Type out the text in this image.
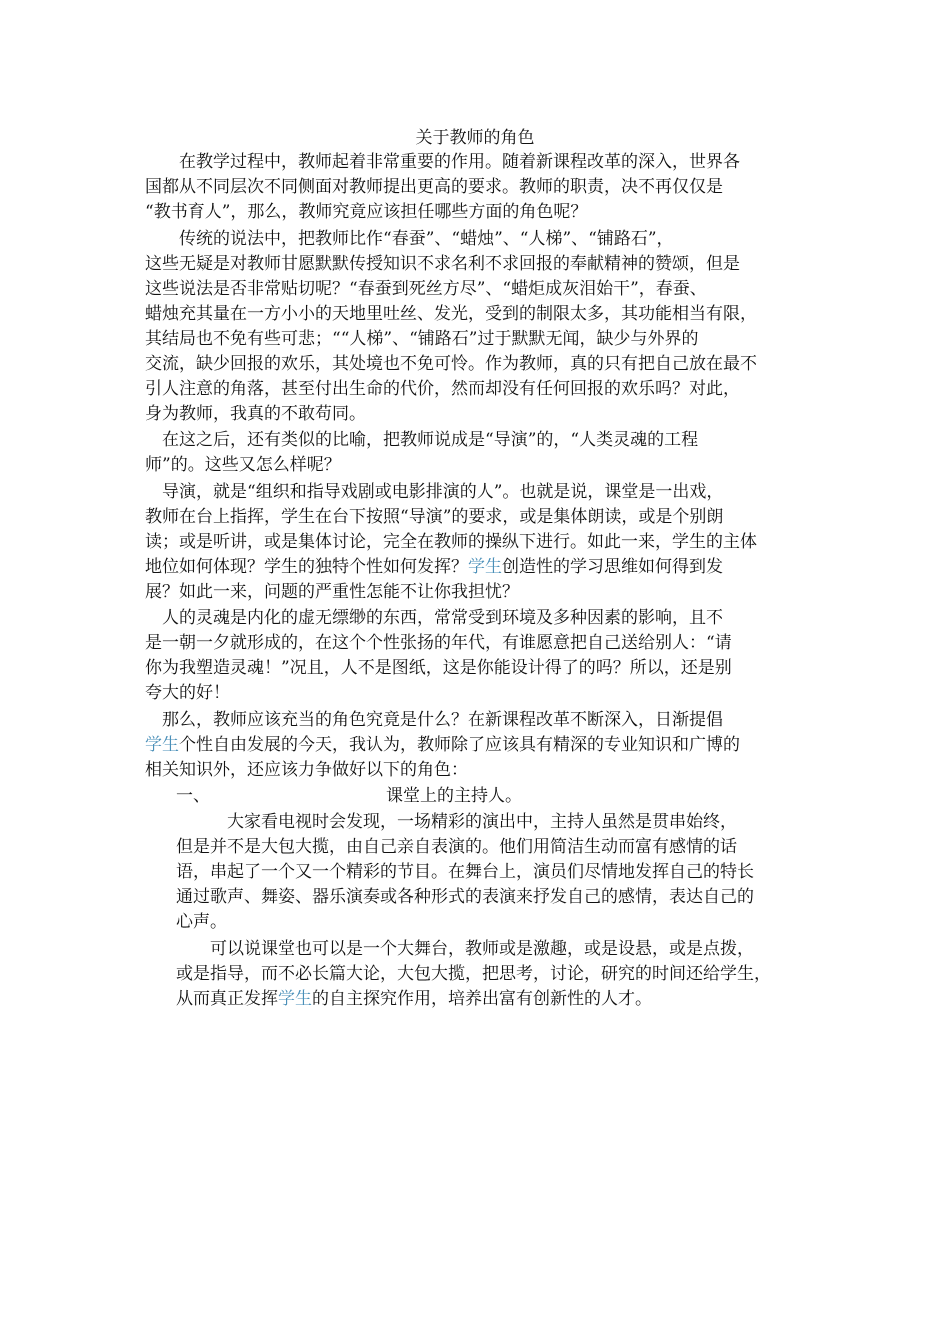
关于教师的角色
　　在教学过程中，教师起着非常重要的作用。随着新课程改革的深入，世界各
国都从不同层次不同侧面对教师提出更高的要求。教师的职责，决不再仅仅是
“教书育人”，那么，教师究竟应该担任哪些方面的角色呢？
　　传统的说法中，把教师比作“春蚕”、“蜡烛”、“人梯”、“铺路石”，
这些无疑是对教师甘愿默默传授知识不求名利不求回报的奉献精神的赞颂，但是
这些说法是否非常贴切呢？“春蚕到死丝方尽”、“蜡炬成灰泪始干”，春蚕、
蜡烛充其量在一方小小的天地里吐丝、发光，受到的制限太多，其功能相当有限，
其结局也不免有些可悲；““人梯”、“铺路石”过于默默无闻，缺少与外界的
交流，缺少回报的欢乐，其处境也不免可怜。作为教师，真的只有把自己放在最不
引人注意的角落，甚至付出生命的代价，然而却没有任何回报的欢乐吗？对此，
身为教师，我真的不敢苟同。
　在这之后，还有类似的比喻，把教师说成是“导演”的，“人类灵魂的工程
师”的。这些又怎么样呢？
　导演，就是“组织和指导戏剧或电影排演的人”。也就是说，课堂是一出戏，
教师在台上指挥，学生在台下按照“导演”的要求，或是集体朗读，或是个别朗
读；或是听讲，或是集体讨论，完全在教师的操纵下进行。如此一来，学生的主体
地位如何体现？学生的独特个性如何发挥？学生创造性的学习思维如何得到发
展？如此一来，问题的严重性怎能不让你我担忧？
　人的灵魂是内化的虚无缥缈的东西，常常受到环境及多种因素的影响，且不
是一朝一夕就形成的，在这个个性张扬的年代，有谁愿意把自己送给别人：“请
你为我塑造灵魂！”况且，人不是图纸，这是你能设计得了的吗？所以，还是别
夸大的好！
　那么，教师应该充当的角色究竟是什么？在新课程改革不断深入，日渐提倡
学生个性自由发展的今天，我认为，教师除了应该具有精深的专业知识和广博的
相关知识外，还应该力争做好以下的角色：
一、	课堂上的主持人。
　　　大家看电视时会发现，一场精彩的演出中，主持人虽然是贯串始终，
但是并不是大包大揽，由自己亲自表演的。他们用简洁生动而富有感情的话
语，串起了一个又一个精彩的节目。在舞台上，演员们尽情地发挥自己的特长
通过歌声、舞姿、器乐演奏或各种形式的表演来抒发自己的感情，表达自己的
心声。
　　可以说课堂也可以是一个大舞台，教师或是激趣，或是设悬，或是点拨，
或是指导，而不必长篇大论，大包大揽，把思考，讨论，研究的时间还给学生，
从而真正发挥学生的自主探究作用，培养出富有创新性的人才。
